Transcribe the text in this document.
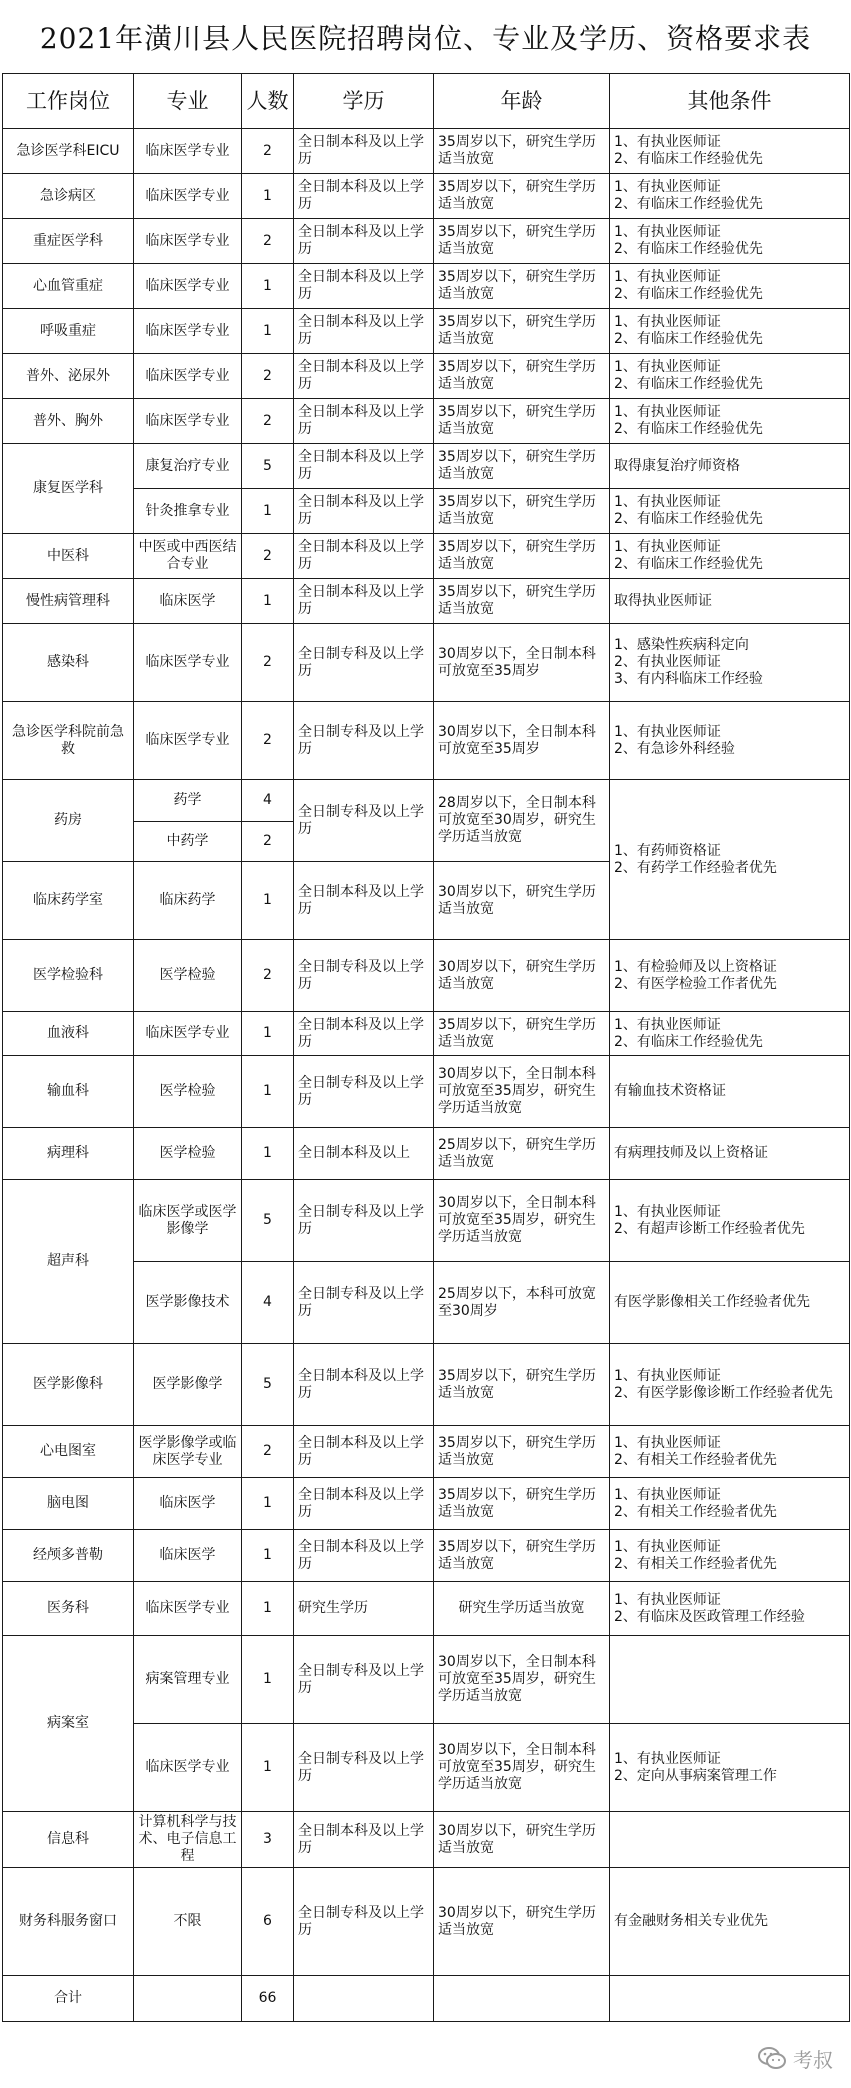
2021年潢川县人民医院招聘岗位、专业及学历、资格要求表
工作岗位	专业	人数	学历	年龄	其他条件
急诊医学科EICU	临床医学专业	2	全日制本科及以上学历	35周岁以下，研究生学历适当放宽	1、有执业医师证
2、有临床工作经验优先
急诊病区	临床医学专业	1	全日制本科及以上学历	35周岁以下，研究生学历适当放宽	1、有执业医师证
2、有临床工作经验优先
重症医学科	临床医学专业	2	全日制本科及以上学历	35周岁以下，研究生学历适当放宽	1、有执业医师证
2、有临床工作经验优先
心血管重症	临床医学专业	1	全日制本科及以上学历	35周岁以下，研究生学历适当放宽	1、有执业医师证
2、有临床工作经验优先
呼吸重症	临床医学专业	1	全日制本科及以上学历	35周岁以下，研究生学历适当放宽	1、有执业医师证
2、有临床工作经验优先
普外、泌尿外	临床医学专业	2	全日制本科及以上学历	35周岁以下，研究生学历适当放宽	1、有执业医师证
2、有临床工作经验优先
普外、胸外	临床医学专业	2	全日制本科及以上学历	35周岁以下，研究生学历适当放宽	1、有执业医师证
2、有临床工作经验优先
康复医学科	康复治疗专业	5	全日制本科及以上学历	35周岁以下，研究生学历适当放宽	取得康复治疗师资格
	针灸推拿专业	1	全日制本科及以上学历	35周岁以下，研究生学历适当放宽	1、有执业医师证
2、有临床工作经验优先
中医科	中医或中西医结合专业	2	全日制本科及以上学历	35周岁以下，研究生学历适当放宽	1、有执业医师证
2、有临床工作经验优先
慢性病管理科	临床医学	1	全日制本科及以上学历	35周岁以下，研究生学历适当放宽	取得执业医师证
感染科	临床医学专业	2	全日制专科及以上学历	30周岁以下，全日制本科可放宽至35周岁	1、感染性疾病科定向
2、有执业医师证
3、有内科临床工作经验
急诊医学科院前急救	临床医学专业	2	全日制专科及以上学历	30周岁以下，全日制本科可放宽至35周岁	1、有执业医师证
2、有急诊外科经验
药房	药学	4	全日制专科及以上学历	28周岁以下，全日制本科可放宽至30周岁，研究生学历适当放宽	1、有药师资格证
2、有药学工作经验者优先
	中药学	2			
临床药学室	临床药学	1	全日制本科及以上学历	30周岁以下，研究生学历适当放宽	
医学检验科	医学检验	2	全日制专科及以上学历	30周岁以下，研究生学历适当放宽	1、有检验师及以上资格证
2、有医学检验工作者优先
血液科	临床医学专业	1	全日制本科及以上学历	35周岁以下，研究生学历适当放宽	1、有执业医师证
2、有临床工作经验优先
输血科	医学检验	1	全日制专科及以上学历	30周岁以下，全日制本科可放宽至35周岁，研究生学历适当放宽	有输血技术资格证
病理科	医学检验	1	全日制本科及以上	25周岁以下，研究生学历适当放宽	有病理技师及以上资格证
超声科	临床医学或医学影像学	5	全日制专科及以上学历	30周岁以下，全日制本科可放宽至35周岁，研究生学历适当放宽	1、有执业医师证
2、有超声诊断工作经验者优先
	医学影像技术	4	全日制专科及以上学历	25周岁以下，本科可放宽至30周岁	有医学影像相关工作经验者优先
医学影像科	医学影像学	5	全日制本科及以上学历	35周岁以下，研究生学历适当放宽	1、有执业医师证
2、有医学影像诊断工作经验者优先
心电图室	医学影像学或临床医学专业	2	全日制本科及以上学历	35周岁以下，研究生学历适当放宽	1、有执业医师证
2、有相关工作经验者优先
脑电图	临床医学	1	全日制本科及以上学历	35周岁以下，研究生学历适当放宽	1、有执业医师证
2、有相关工作经验者优先
经颅多普勒	临床医学	1	全日制本科及以上学历	35周岁以下，研究生学历适当放宽	1、有执业医师证
2、有相关工作经验者优先
医务科	临床医学专业	1	研究生学历	研究生学历适当放宽	1、有执业医师证
2、有临床及医政管理工作经验
病案室	病案管理专业	1	全日制专科及以上学历	30周岁以下，全日制本科可放宽至35周岁，研究生学历适当放宽	
	临床医学专业	1	全日制专科及以上学历	30周岁以下，全日制本科可放宽至35周岁，研究生学历适当放宽	1、有执业医师证
2、定向从事病案管理工作
信息科	计算机科学与技术、电子信息工程	3	全日制本科及以上学历	30周岁以下，研究生学历适当放宽	
财务科服务窗口	不限	6	全日制专科及以上学历	30周岁以下，研究生学历适当放宽	有金融财务相关专业优先
合计		66			
考叔
